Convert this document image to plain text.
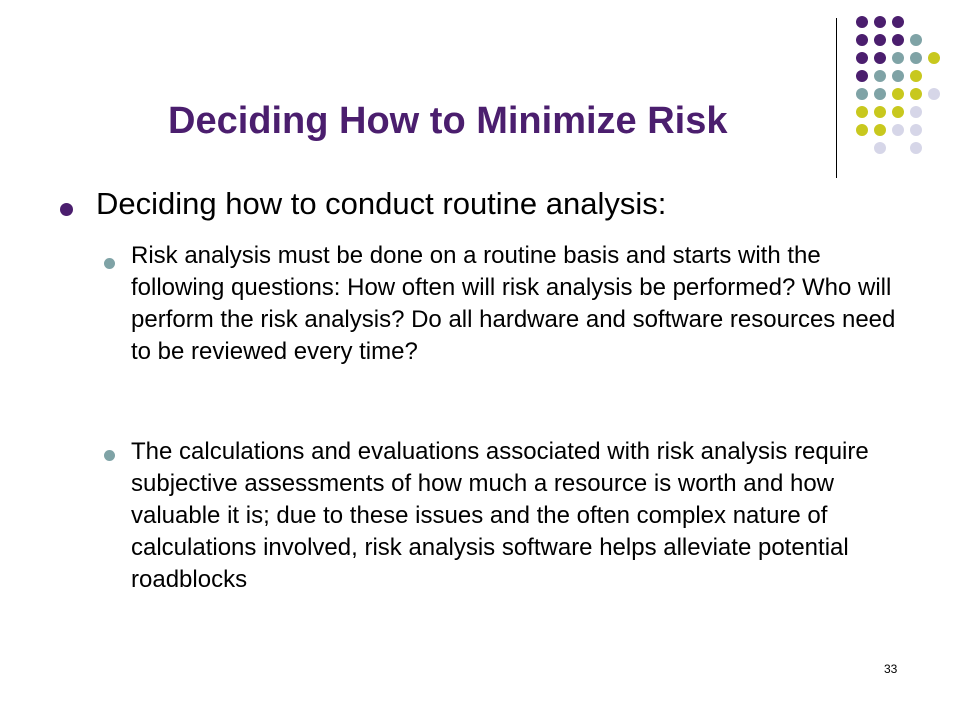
Deciding How to Minimize Risk
Deciding how to conduct routine analysis:
Risk analysis must be done on a routine basis and starts with the following questions: How often will risk analysis be performed? Who will perform the risk analysis? Do all hardware and software resources need to be reviewed every time?
The calculations and evaluations associated with risk analysis require subjective assessments of how much a resource is worth and how valuable it is; due to these issues and the often complex nature of calculations involved, risk analysis software helps alleviate potential roadblocks
33
